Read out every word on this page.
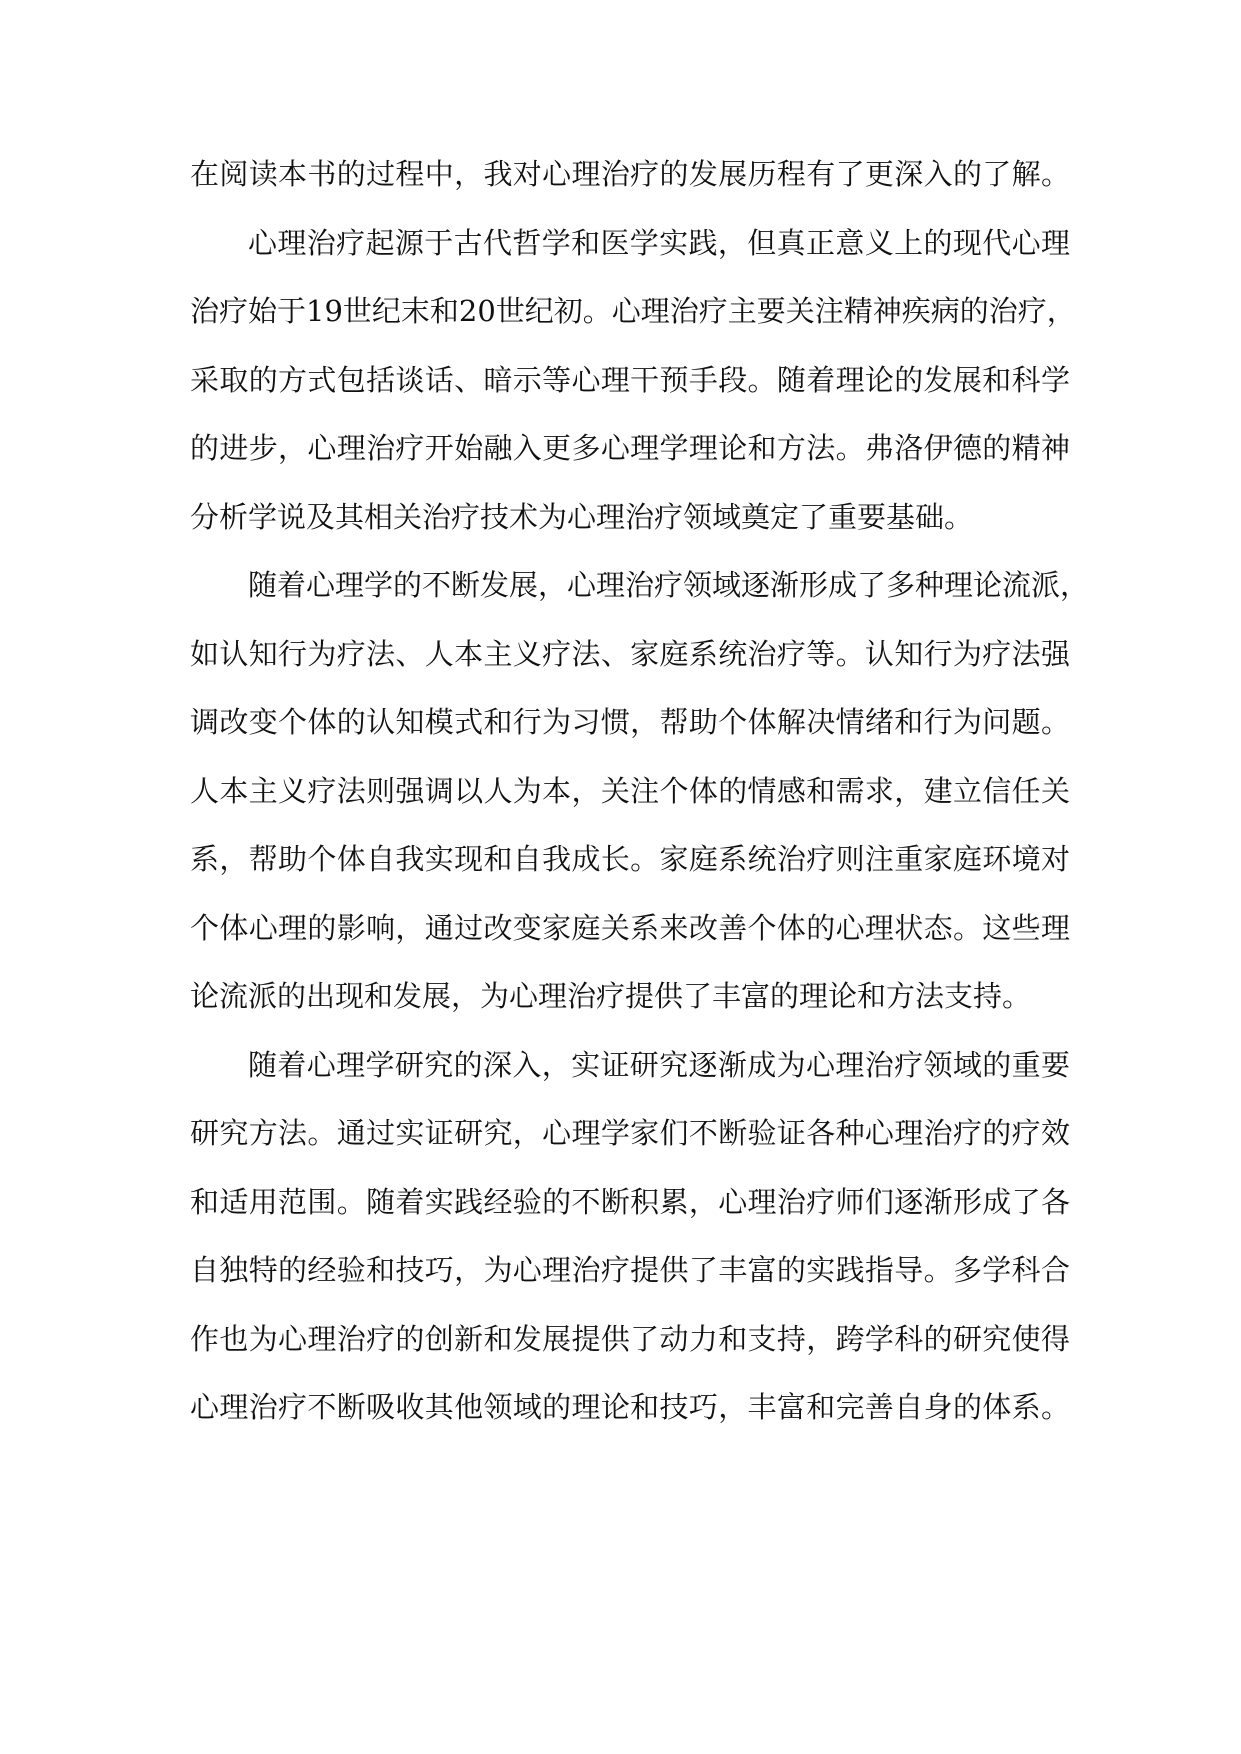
在阅读本书的过程中，我对心理治疗的发展历程有了更深入的了解。
心理治疗起源于古代哲学和医学实践，但真正意义上的现代心理
治疗始于19世纪末和20世纪初。心理治疗主要关注精神疾病的治疗，
采取的方式包括谈话、暗示等心理干预手段。随着理论的发展和科学
的进步，心理治疗开始融入更多心理学理论和方法。弗洛伊德的精神
分析学说及其相关治疗技术为心理治疗领域奠定了重要基础。
随着心理学的不断发展，心理治疗领域逐渐形成了多种理论流派，
如认知行为疗法、人本主义疗法、家庭系统治疗等。认知行为疗法强
调改变个体的认知模式和行为习惯，帮助个体解决情绪和行为问题。
人本主义疗法则强调以人为本，关注个体的情感和需求，建立信任关
系，帮助个体自我实现和自我成长。家庭系统治疗则注重家庭环境对
个体心理的影响，通过改变家庭关系来改善个体的心理状态。这些理
论流派的出现和发展，为心理治疗提供了丰富的理论和方法支持。
随着心理学研究的深入，实证研究逐渐成为心理治疗领域的重要
研究方法。通过实证研究，心理学家们不断验证各种心理治疗的疗效
和适用范围。随着实践经验的不断积累，心理治疗师们逐渐形成了各
自独特的经验和技巧，为心理治疗提供了丰富的实践指导。多学科合
作也为心理治疗的创新和发展提供了动力和支持，跨学科的研究使得
心理治疗不断吸收其他领域的理论和技巧，丰富和完善自身的体系。
